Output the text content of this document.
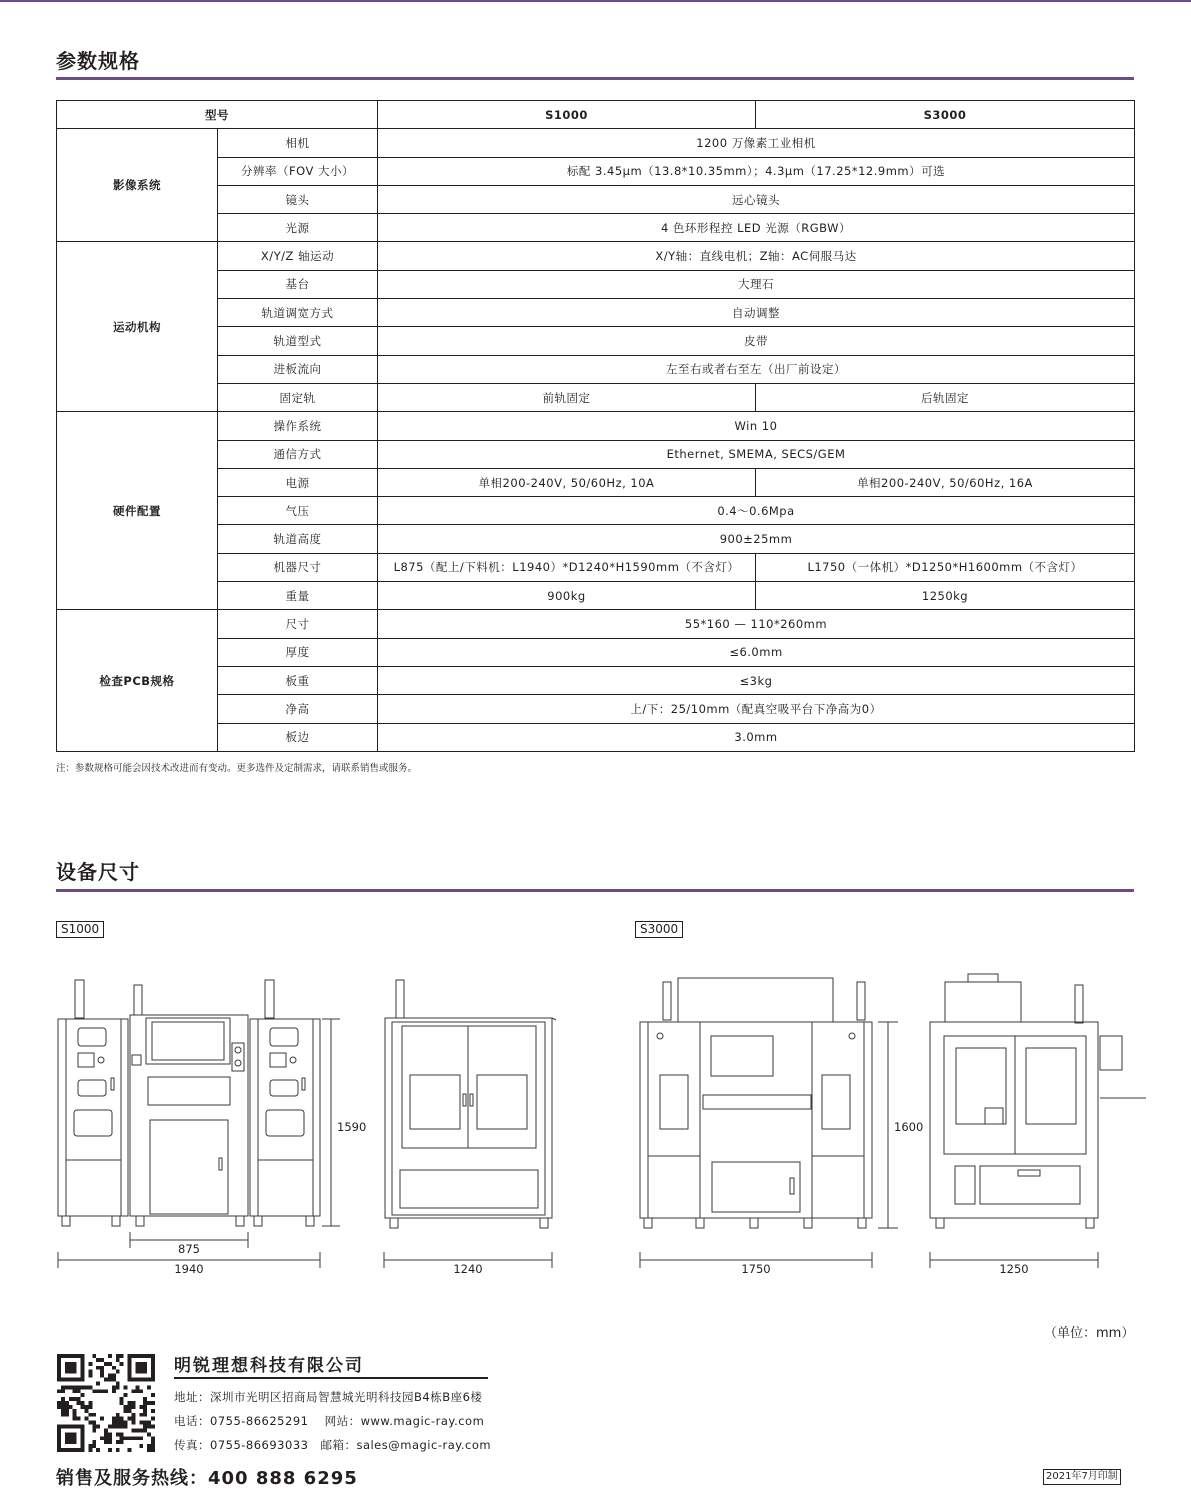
参数规格
型号		S1000	S3000
影像系统	相机	1200 万像素工业相机	
	分辨率（FOV 大小）	标配 3.45μm（13.8*10.35mm）；4.3μm（17.25*12.9mm）可选	
	镜头	远心镜头	
	光源	4 色环形程控 LED 光源（RGBW）	
运动机构	X/Y/Z 轴运动	X/Y轴：直线电机；Z轴：AC伺服马达	
	基台	大理石	
	轨道调宽方式	自动调整	
	轨道型式	皮带	
	进板流向	左至右或者右至左（出厂前设定）	
	固定轨	前轨固定	后轨固定
硬件配置	操作系统	Win 10	
	通信方式	Ethernet, SMEMA, SECS/GEM	
	电源	单相200-240V, 50/60Hz, 10A	单相200-240V, 50/60Hz, 16A
	气压	0.4～0.6Mpa	
	轨道高度	900±25mm	
	机器尺寸	L875（配上/下料机：L1940）*D1240*H1590mm（不含灯）	L1750（一体机）*D1250*H1600mm（不含灯）
	重量	900kg	1250kg
检查PCB规格	尺寸	55*160 — 110*260mm	
	厚度	≤6.0mm	
	板重	≤3kg	
	净高	上/下：25/10mm（配真空吸平台下净高为0）	
	板边	3.0mm	
注：参数规格可能会因技术改进而有变动。更多选件及定制需求，请联系销售或服务。
设备尺寸
S1000	S3000
1590
875
1940	1240
1600
1750	1250
（单位：mm）
明锐理想科技有限公司
地址：深圳市光明区招商局智慧城光明科技园B4栋B座6楼
电话：0755-86625291　 网站：www.magic-ray.com
传真：0755-86693033　邮箱：sales@magic-ray.com
销售及服务热线：400 888 6295	2021年7月印制
